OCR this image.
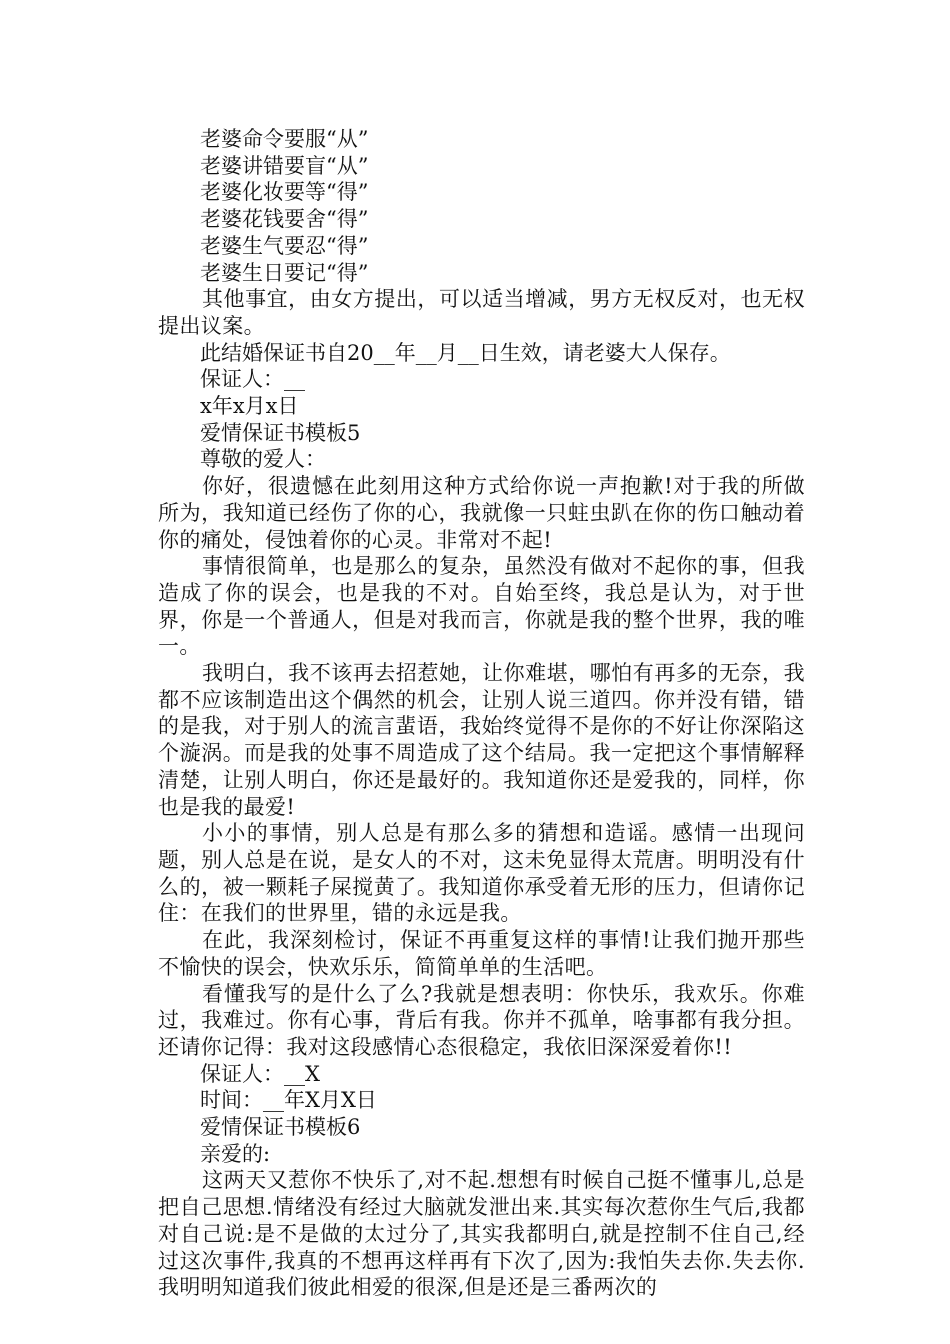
老婆命令要服“从”

老婆讲错要盲“从”

老婆化妆要等“得”

老婆花钱要舍“得”

老婆生气要忍“得”

老婆生日要记“得”

其他事宜，由女方提出，可以适当增减，男方无权反对，也无权提出议案。

此结婚保证书自20__年__月__日生效，请老婆大人保存。

保证人：__

x年x月x日

爱情保证书模板5

尊敬的爱人：

你好，很遗憾在此刻用这种方式给你说一声抱歉!对于我的所做所为，我知道已经伤了你的心，我就像一只蛀虫趴在你的伤口触动着你的痛处，侵蚀着你的心灵。非常对不起!

事情很简单，也是那么的复杂，虽然没有做对不起你的事，但我造成了你的误会，也是我的不对。自始至终，我总是认为，对于世界，你是一个普通人，但是对我而言，你就是我的整个世界，我的唯一。

我明白，我不该再去招惹她，让你难堪，哪怕有再多的无奈，我都不应该制造出这个偶然的机会，让别人说三道四。你并没有错，错的是我，对于别人的流言蜚语，我始终觉得不是你的不好让你深陷这个漩涡。而是我的处事不周造成了这个结局。我一定把这个事情解释清楚，让别人明白，你还是最好的。我知道你还是爱我的，同样，你也是我的最爱!

小小的事情，别人总是有那么多的猜想和造谣。感情一出现问题，别人总是在说，是女人的不对，这未免显得太荒唐。明明没有什么的，被一颗耗子屎搅黄了。我知道你承受着无形的压力，但请你记住：在我们的世界里，错的永远是我。

在此，我深刻检讨，保证不再重复这样的事情!让我们抛开那些不愉快的误会，快欢乐乐，简简单单的生活吧。

看懂我写的是什么了么?我就是想表明：你快乐，我欢乐。你难过，我难过。你有心事，背后有我。你并不孤单，啥事都有我分担。还请你记得：我对这段感情心态很稳定，我依旧深深爱着你!!

保证人：__X

时间：__年X月X日

爱情保证书模板6

亲爱的:

这两天又惹你不快乐了,对不起.想想有时候自己挺不懂事儿,总是把自己思想.情绪没有经过大脑就发泄出来.其实每次惹你生气后,我都对自己说:是不是做的太过分了,其实我都明白,就是控制不住自己,经过这次事件,我真的不想再这样再有下次了,因为:我怕失去你.失去你.我明明知道我们彼此相爱的很深,但是还是三番两次的
